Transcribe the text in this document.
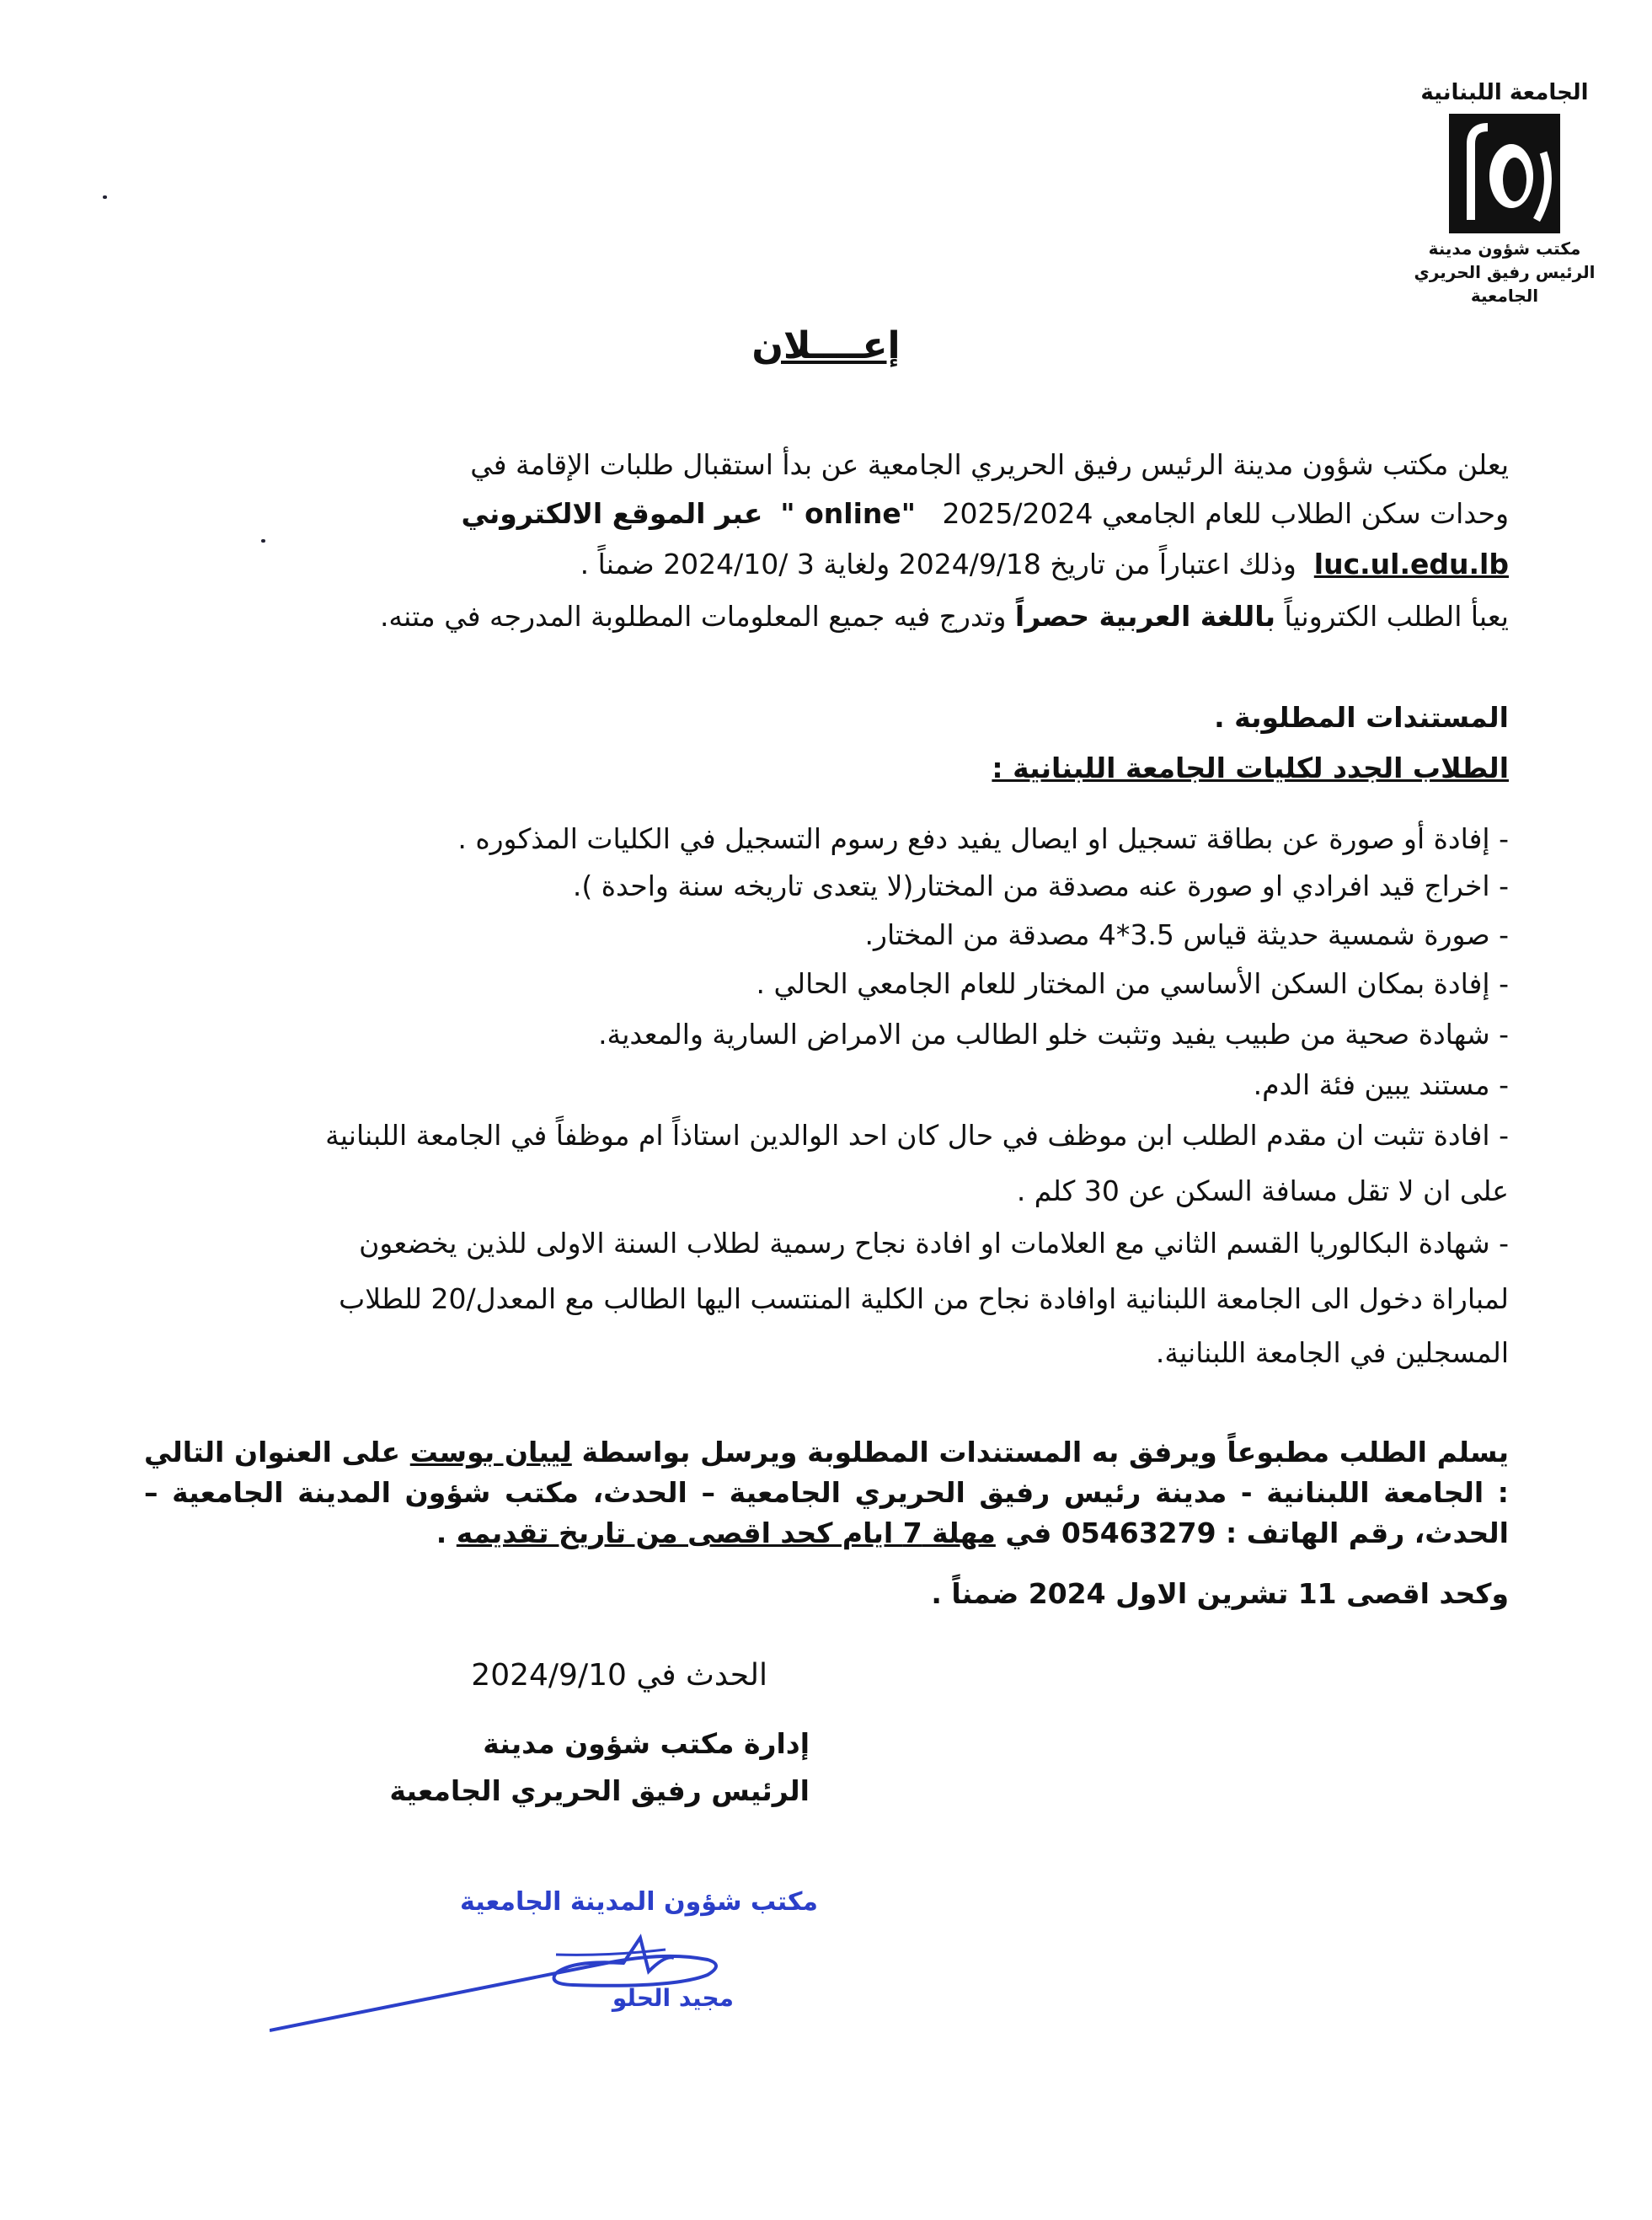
الجامعة اللبنانية
مكتب شؤون مدينة
الرئيس رفيق الحريري
الجامعية
إعــــلان
يعلن مكتب شؤون مدينة الرئيس رفيق الحريري الجامعية عن بدأ استقبال طلبات الإقامة في
وحدات سكن الطلاب للعام الجامعي 2025/2024   " online"  عبر الموقع الالكتروني
luc.ul.edu.lb  وذلك اعتباراً من تاريخ 2024/9/18 ولغاية 3 /2024/10 ضمناً .
يعبأ الطلب الكترونياً باللغة العربية حصراً وتدرج فيه جميع المعلومات المطلوبة المدرجه في متنه.
المستندات المطلوبة .
الطلاب الجدد لكليات الجامعة اللبنانية :
- إفادة أو صورة عن بطاقة تسجيل او ايصال يفيد دفع رسوم التسجيل في الكليات المذكوره .
- اخراج قيد افرادي او صورة عنه مصدقة من المختار(لا يتعدى تاريخه سنة واحدة ).
- صورة شمسية حديثة قياس 3.5*4 مصدقة من المختار.
- إفادة بمكان السكن الأساسي من المختار للعام الجامعي الحالي .
- شهادة صحية من طبيب يفيد وتثبت خلو الطالب من الامراض السارية والمعدية.
- مستند يبين فئة الدم.
- افادة تثبت ان مقدم الطلب ابن موظف في حال كان احد الوالدين استاذاً ام موظفاً في الجامعة اللبنانية
على ان لا تقل مسافة السكن عن 30 كلم .
- شهادة البكالوريا القسم الثاني مع العلامات او افادة نجاح رسمية لطلاب السنة الاولى للذين يخضعون
لمباراة دخول الى الجامعة اللبنانية اوافادة نجاح من الكلية المنتسب اليها الطالب مع المعدل/20 للطلاب
المسجلين في الجامعة اللبنانية.
يسلم الطلب مطبوعاً ويرفق به المستندات المطلوبة ويرسل بواسطة ليبان بوست على العنوان التالي : الجامعة اللبنانية - مدينة رئيس رفيق الحريري الجامعية – الحدث، مكتب شؤون المدينة الجامعية – الحدث، رقم الهاتف : 05463279 في مهلة 7 ايام كحد اقصى من تاريخ تقديمه .
وكحد اقصى 11 تشرين الاول 2024 ضمناً .
الحدث في 2024/9/10
إدارة مكتب شؤون مدينة
الرئيس رفيق الحريري الجامعية
مكتب شؤون المدينة الجامعية
مجيد الحلو
